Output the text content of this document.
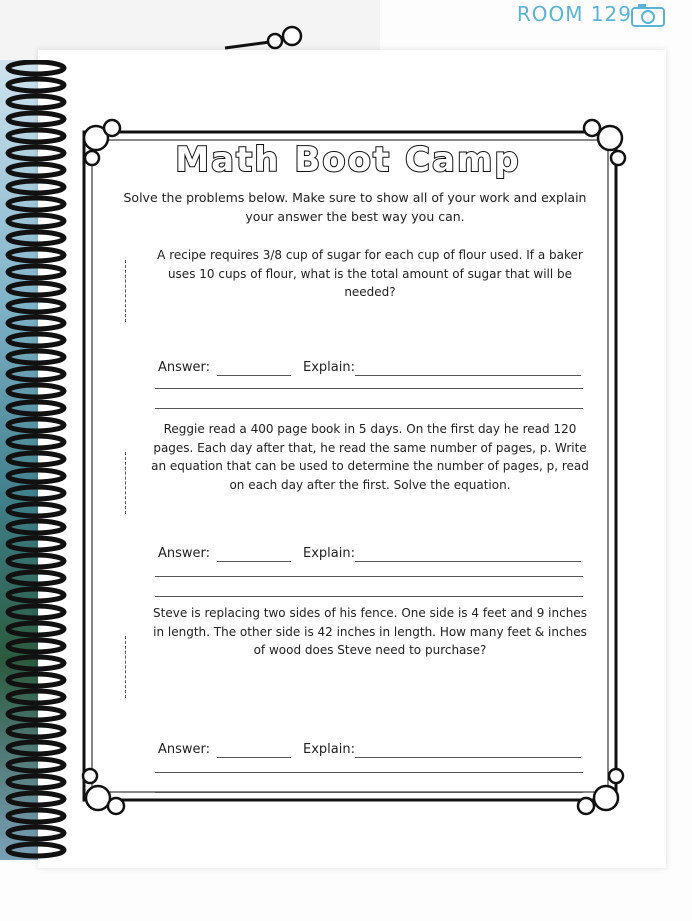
ROOM 129
Math Boot Camp
Solve the problems below. Make sure to show all of your work and explain your answer the best way you can.
A recipe requires 3/8 cup of sugar for each cup of flour used. If a baker uses 10 cups of flour, what is the total amount of sugar that will be needed?
Answer:	Explain:
Reggie read a 400 page book in 5 days. On the first day he read 120 pages. Each day after that, he read the same number of pages, p. Write an equation that can be used to determine the number of pages, p, read on each day after the first. Solve the equation.
Answer:	Explain:
Steve is replacing two sides of his fence. One side is 4 feet and 9 inches in length. The other side is 42 inches in length. How many feet & inches of wood does Steve need to purchase?
Answer:	Explain:
